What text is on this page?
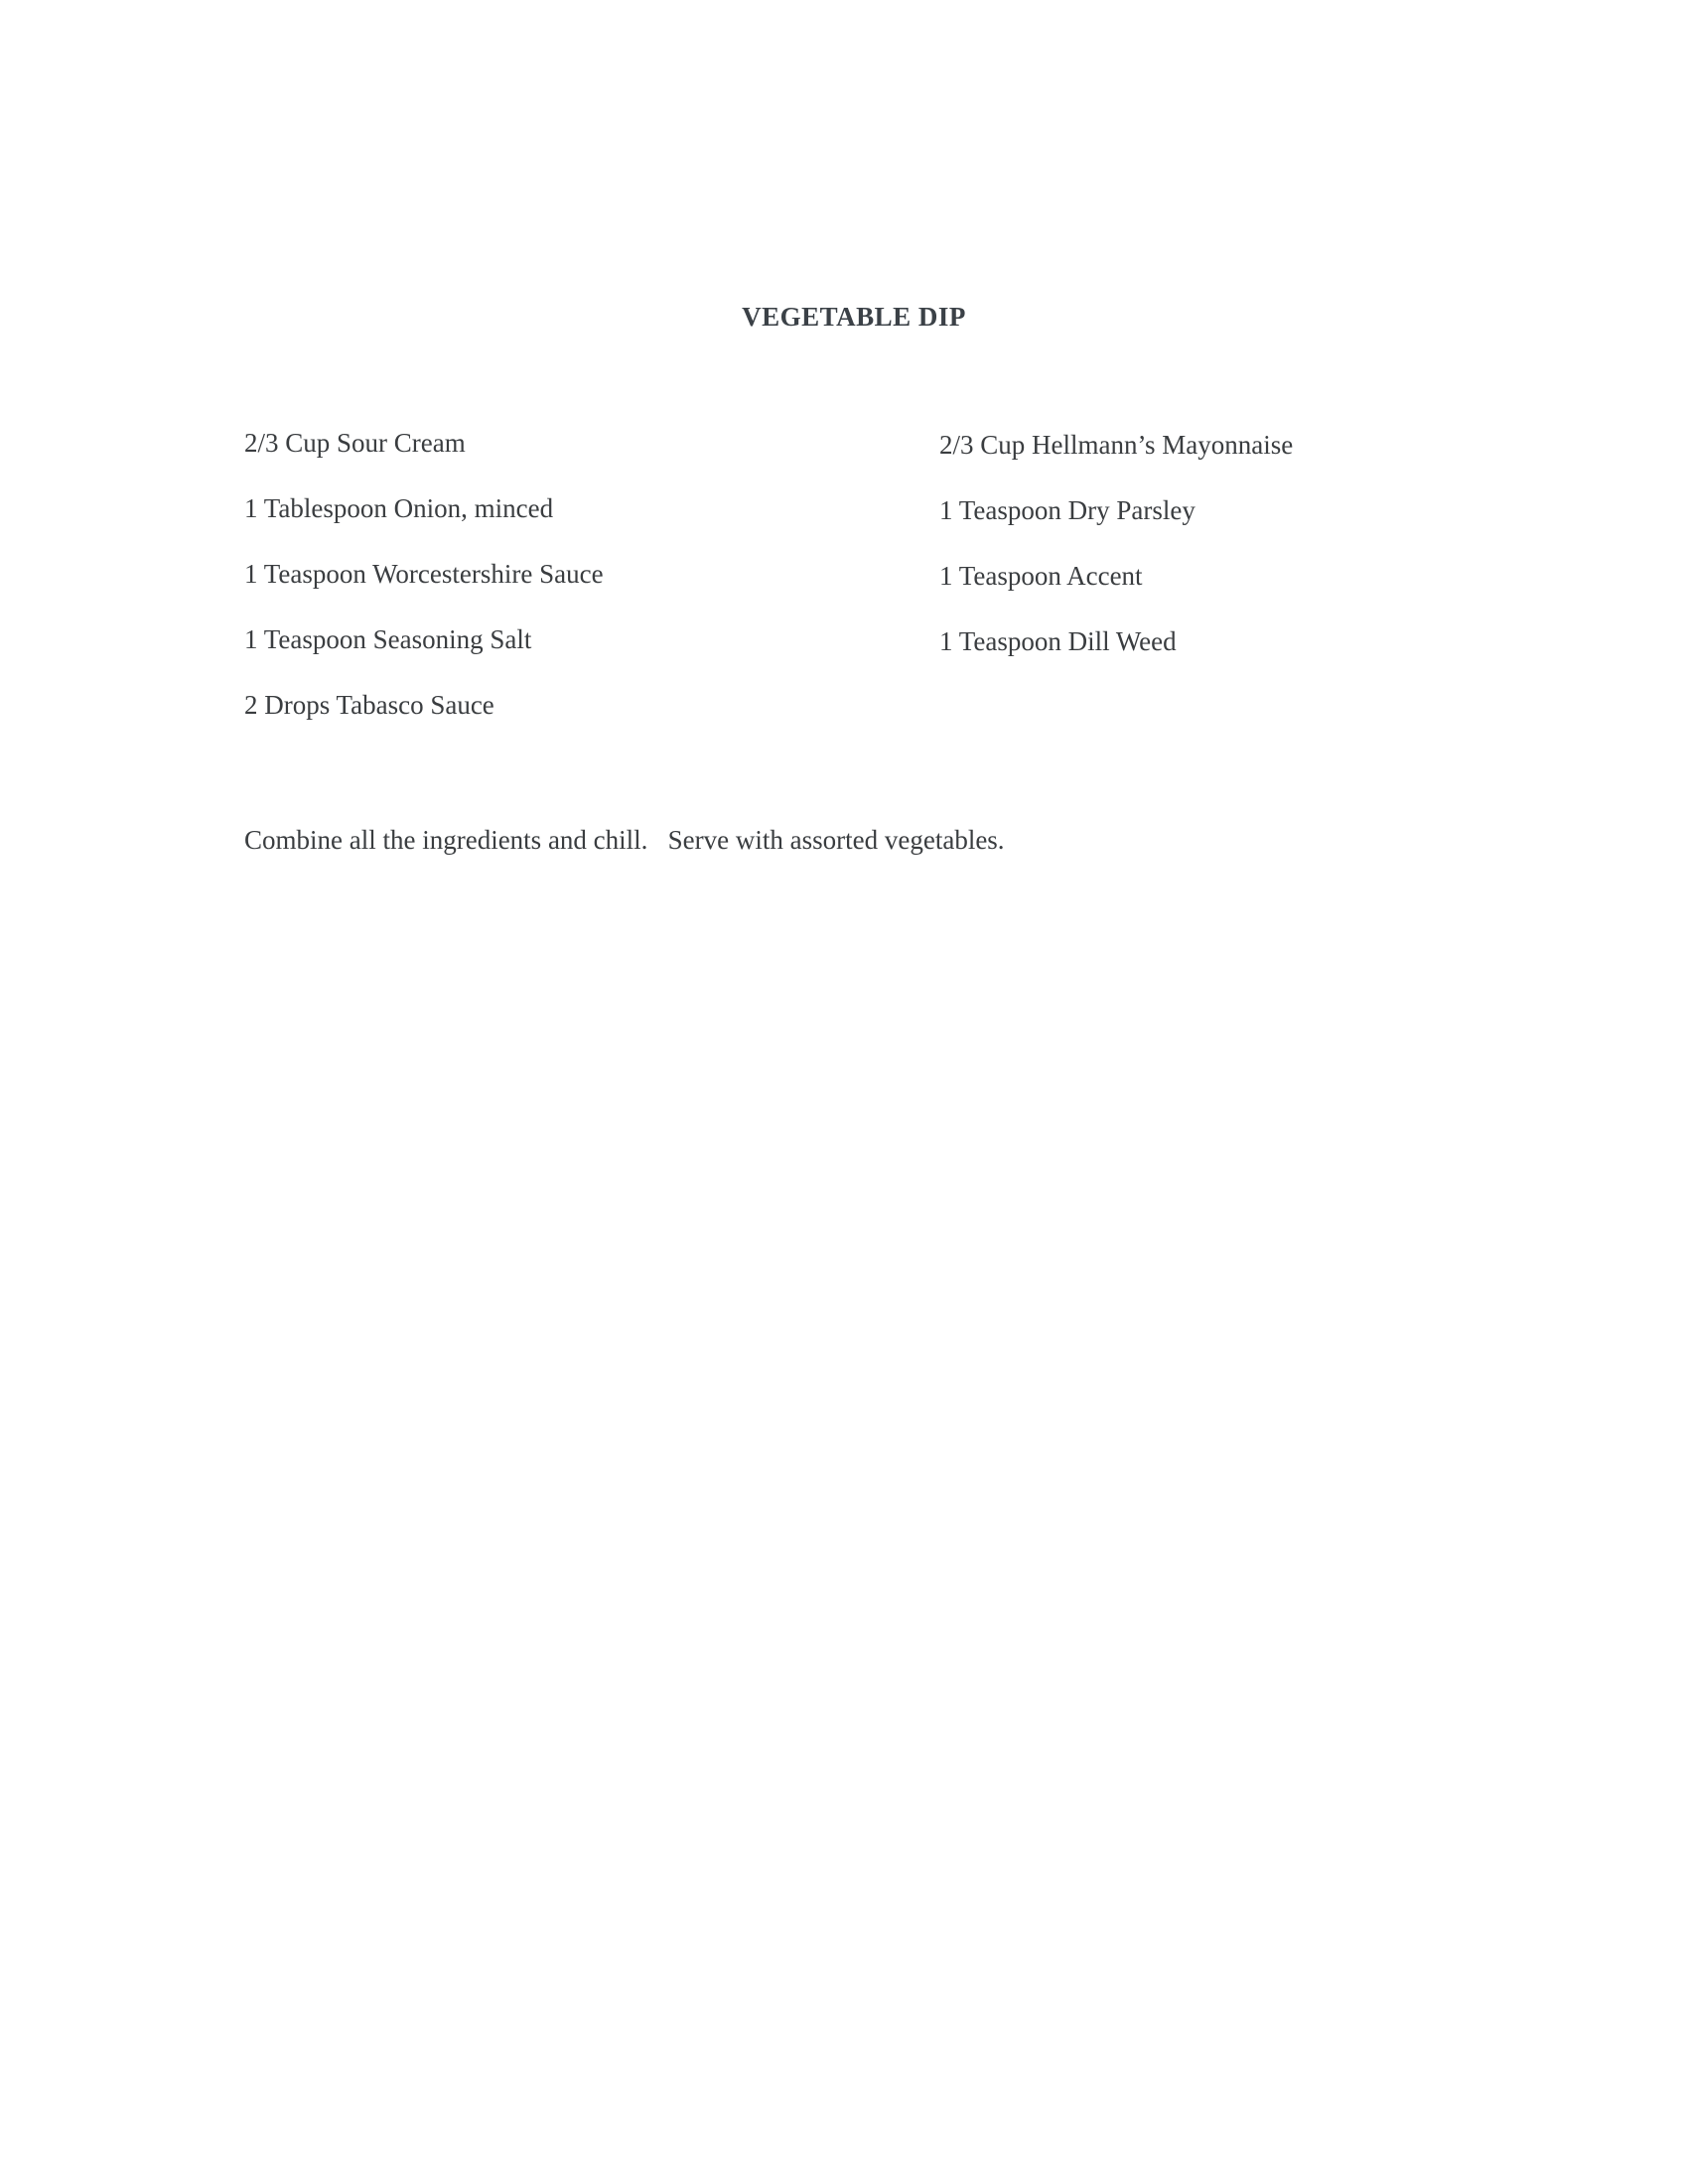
VEGETABLE DIP
2/3 Cup Sour Cream
1 Tablespoon Onion, minced
1 Teaspoon Worcestershire Sauce
1 Teaspoon Seasoning Salt
2 Drops Tabasco Sauce
2/3 Cup Hellmann’s Mayonnaise
1 Teaspoon Dry Parsley
1 Teaspoon Accent
1 Teaspoon Dill Weed

Combine all the ingredients and chill.   Serve with assorted vegetables.
